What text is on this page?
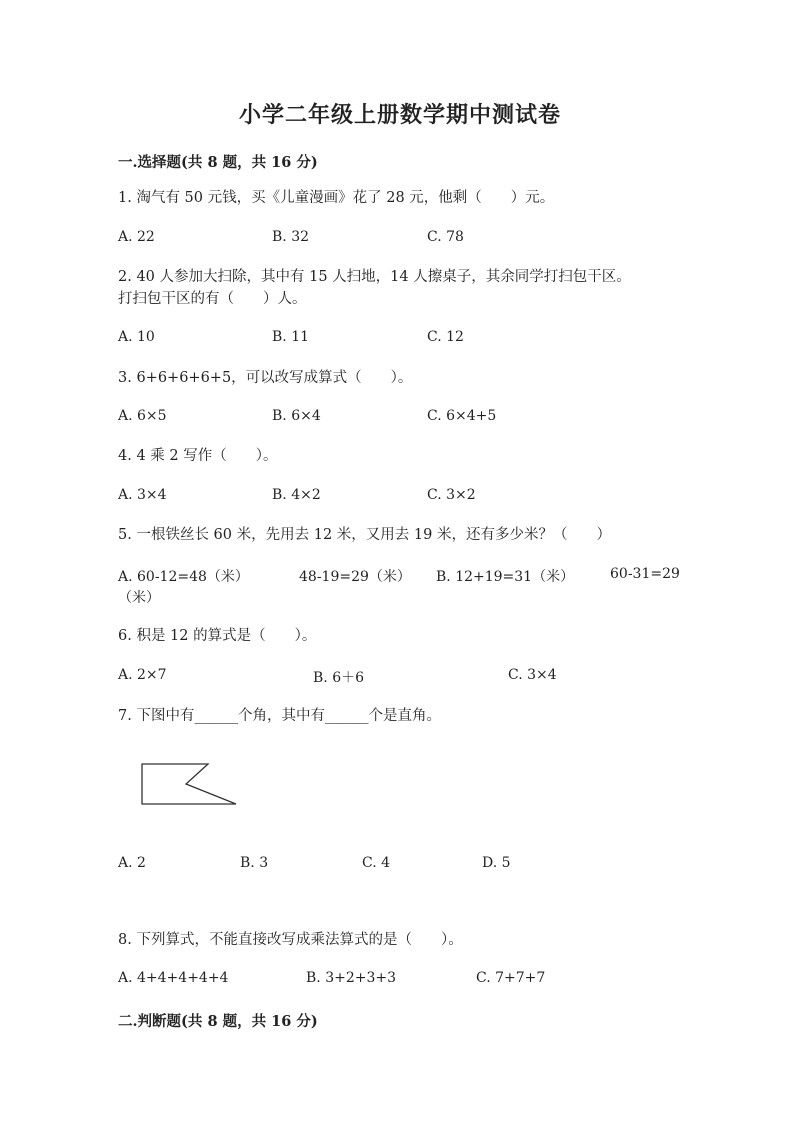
小学二年级上册数学期中测试卷
一.选择题(共 8 题，共 16 分)
1. 淘气有 50 元钱，买《儿童漫画》花了 28 元，他剩（　　）元。
A. 22	B. 32	C. 78
2. 40 人参加大扫除，其中有 15 人扫地，14 人擦桌子，其余同学打扫包干区。
打扫包干区的有（　　）人。
A. 10	B. 11	C. 12
3. 6+6+6+6+5，可以改写成算式（　　）。
A. 6×5	B. 6×4	C. 6×4+5
4. 4 乘 2 写作（　　）。
A. 3×4	B. 4×2	C. 3×2
5. 一根铁丝长 60 米，先用去 12 米，又用去 19 米，还有多少米？（　　）
A. 60-12=48（米）	48-19=29（米） B. 12+19=31（米）	60-31=29
（米）
6. 积是 12 的算式是（　　）。
A. 2×7	B. 6＋6	C. 3×4
7. 下图中有______个角，其中有______个是直角。
A. 2	B. 3	C. 4	D. 5
8. 下列算式，不能直接改写成乘法算式的是（　　）。
A. 4+4+4+4+4	B. 3+2+3+3	C. 7+7+7
二.判断题(共 8 题，共 16 分)
